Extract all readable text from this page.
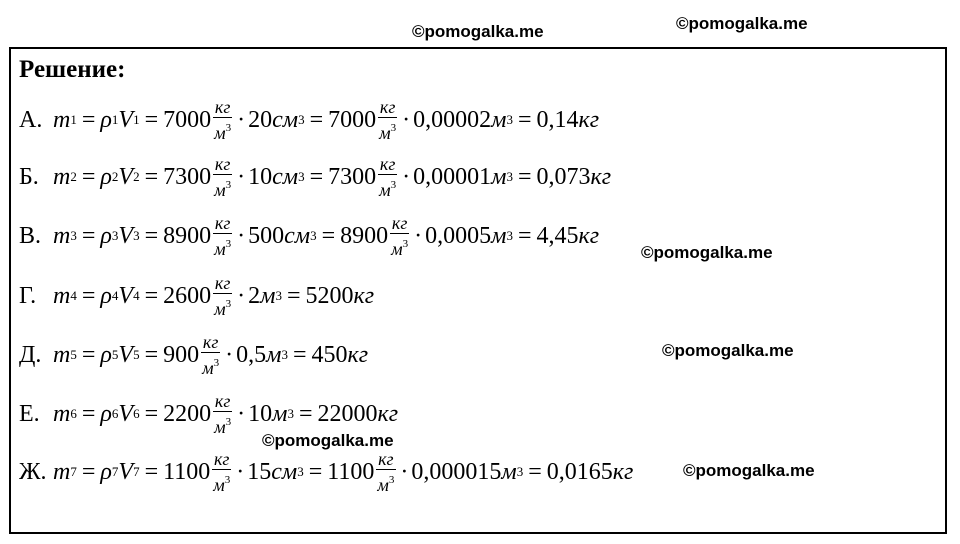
©pomogalka.me	©pomogalka.me
©pomogalka.me
©pomogalka.me
©pomogalka.me
©pomogalka.me
Решение:
А. m 1 = ρ 1 V $1 = 7000 \frac{кг}{м^3} \cdot 20$ см $3 = 7000 \frac{кг}{м^3} \cdot 0,00002$ м 3 = 0,14 кг
Б. m 2 = ρ 2 V $2 = 7300 \frac{кг}{м^3} \cdot 10$ см $3 = 7300 \frac{кг}{м^3} \cdot 0,00001$ м 3 = 0,073 кг
В. m 3 = ρ 3 V $3 = 8900 \frac{кг}{м^3} \cdot 500$ см $3 = 8900 \frac{кг}{м^3} \cdot 0,0005$ м 3 = 4,45 кг
Г. m 4 = ρ 4 V $4 = 2600 \frac{кг}{м^3} \cdot 2$ м 3 = 5200 кг
Д. m 5 = ρ 5 V $5 = 900 \frac{кг}{м^3} \cdot 0,5$ м 3 = 450 кг
Е. m 6 = ρ 6 V $6 = 2200 \frac{кг}{м^3} \cdot 10$ м 3 = 22000 кг
Ж. m 7 = ρ 7 V $7 = 1100 \frac{кг}{м^3} \cdot 15$ см $3 = 1100 \frac{кг}{м^3} \cdot 0,000015$ м 3 = 0,0165 кг
